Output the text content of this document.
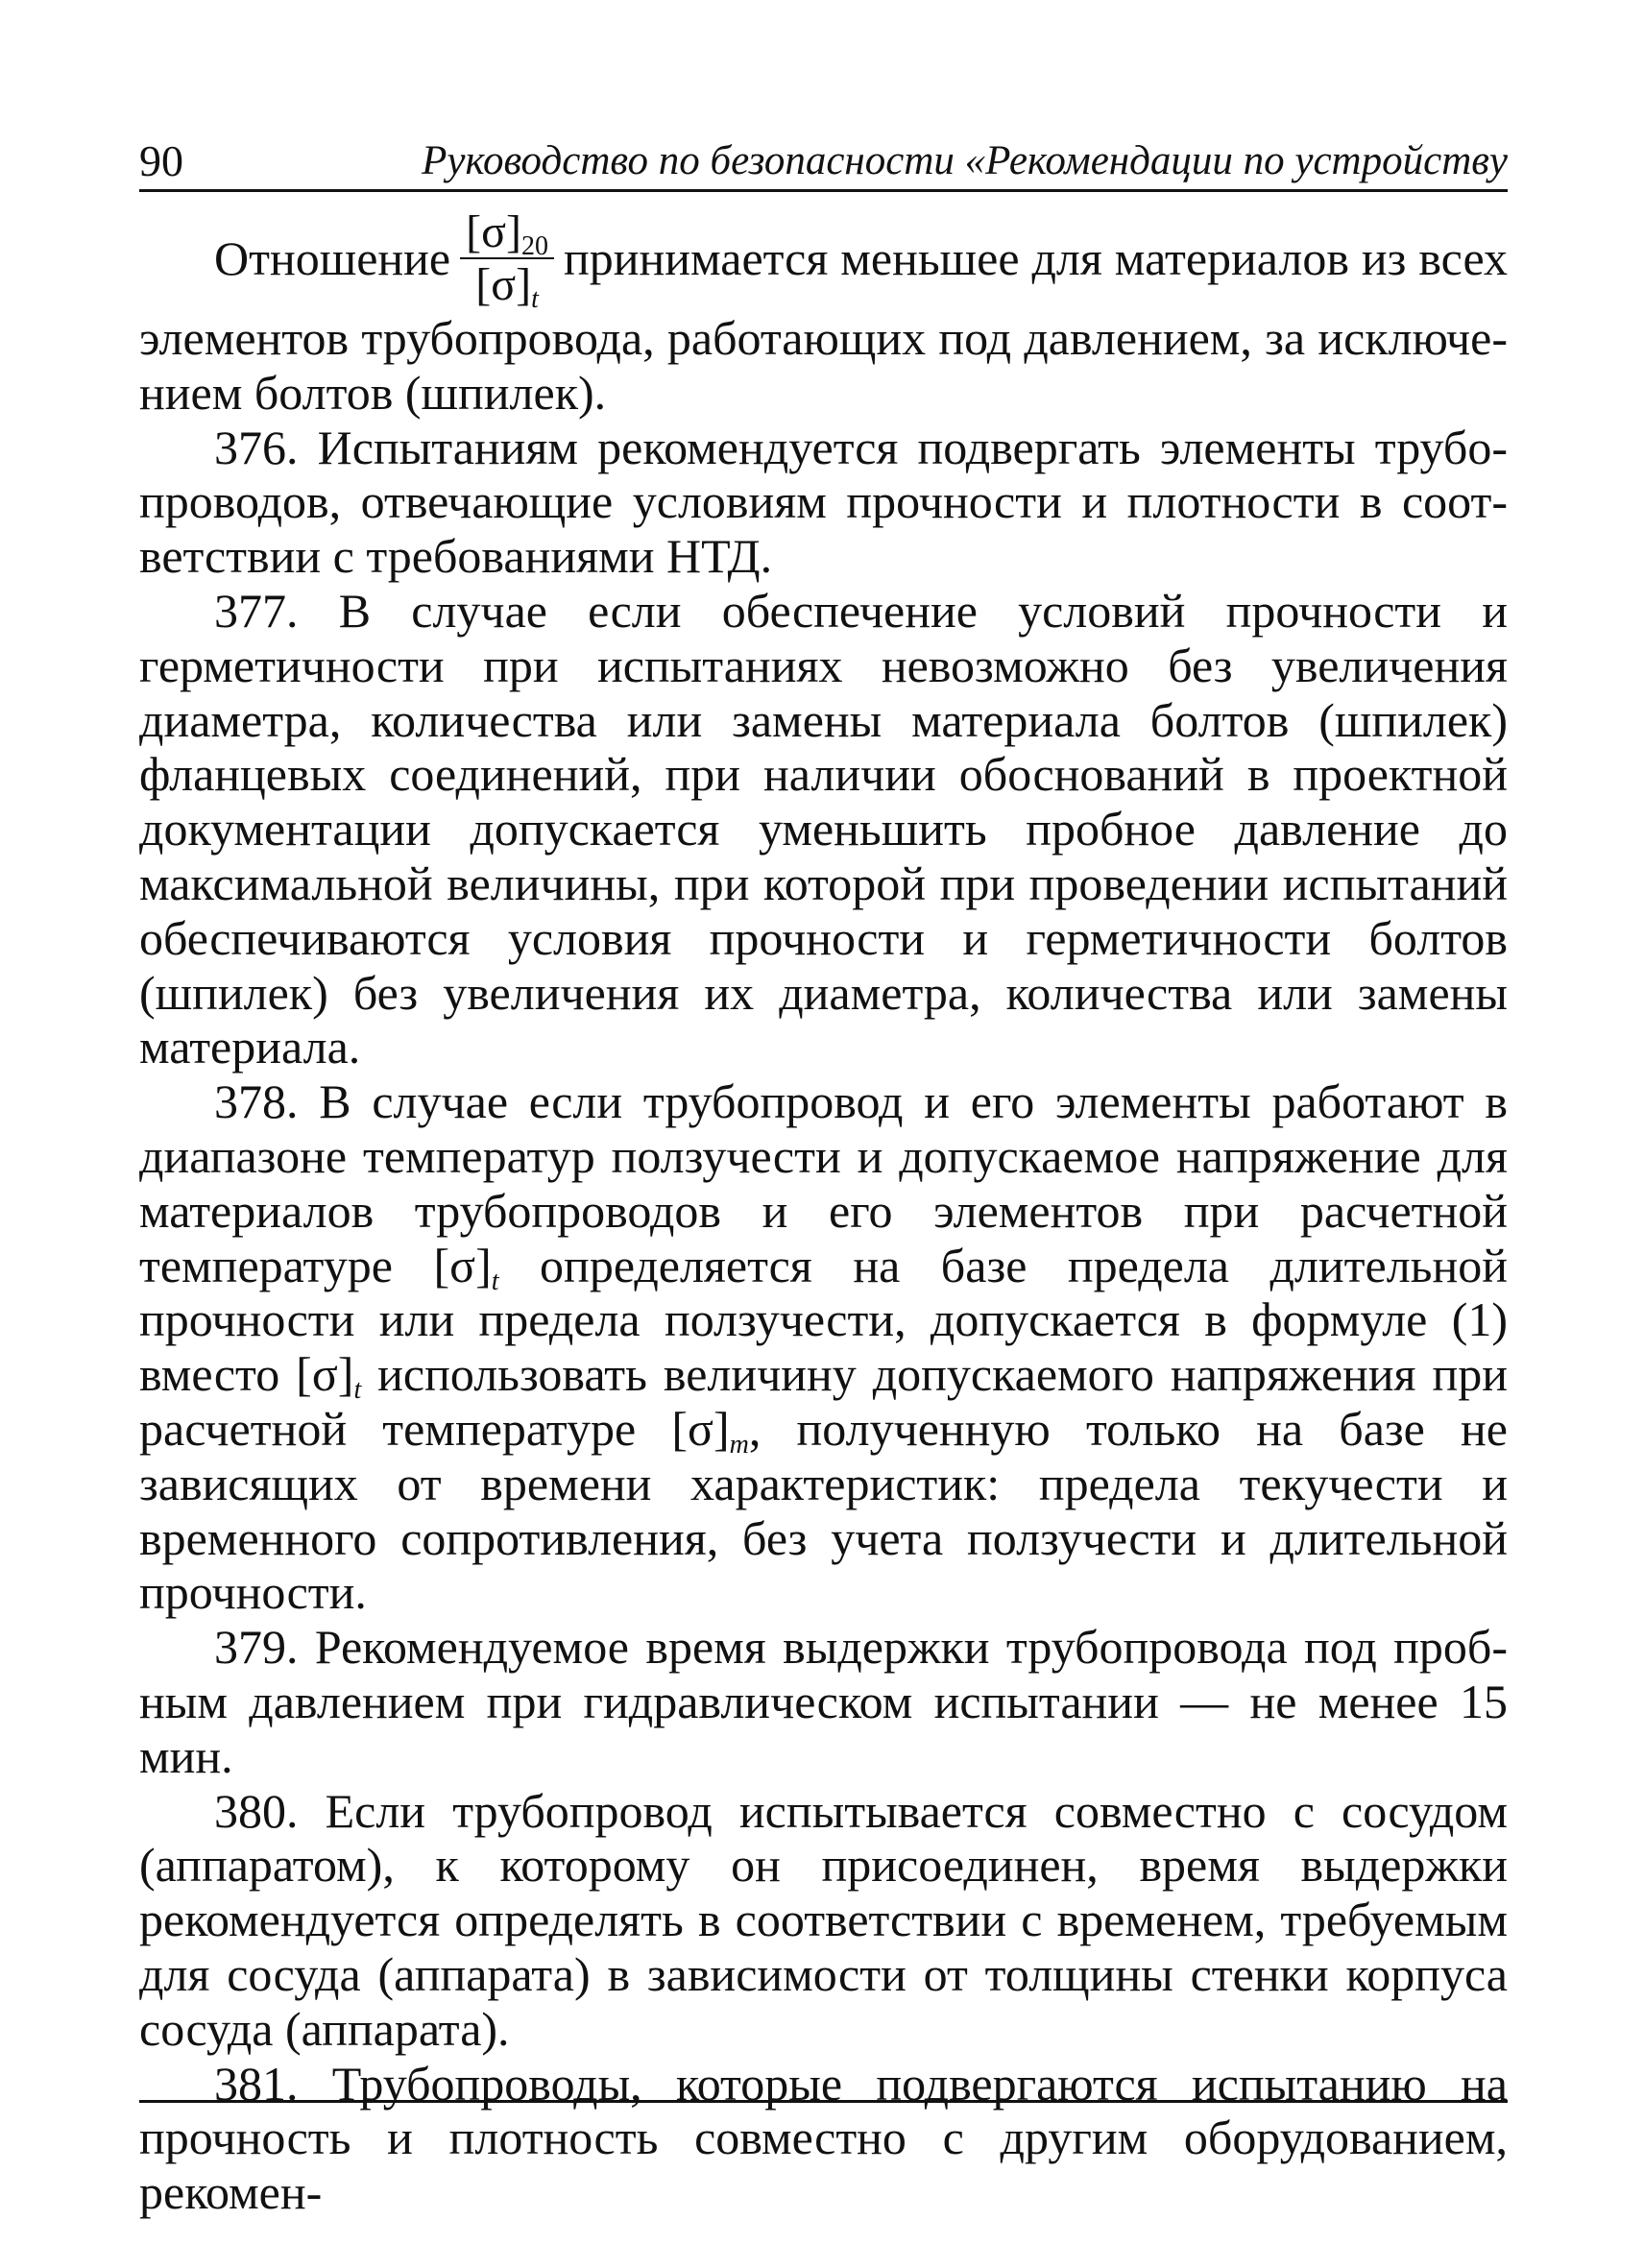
90	Руководство по безопасности «Рекомендации по устройству
Отношение $\frac{[\sigma]_{20}}{[\sigma]_t}$ принимается меньшее для материалов из всех

элементов трубопровода, работающих под давлением, за исключением болтов (шпилек).

376. Испытаниям рекомендуется подвергать элементы трубопроводов, отвечающие условиям прочности и плотности в соответствии с требованиями НТД.

377. В случае если обеспечение условий прочности и герметичности при испытаниях невозможно без увеличения диаметра, количества или замены материала болтов (шпилек) фланцевых соединений, при наличии обоснований в проектной документации допускается уменьшить пробное давление до максимальной величины, при которой при проведении испытаний обеспечиваются условия прочности и герметичности болтов (шпилек) без увеличения их диаметра, количества или замены материала.

378. В случае если трубопровод и его элементы работают в диапазоне температур ползучести и допускаемое напряжение для материалов трубопроводов и его элементов при расчетной температуре $[\sigma]_t$ определяется на базе предела длительной прочности или предела ползучести, допускается в формуле (1) вместо $[\sigma]_t$ использовать величину допускаемого напряжения при расчетной температуре $[\sigma]_m$, полученную только на базе не зависящих от времени характеристик: предела текучести и временного сопротивления, без учета ползучести и длительной прочности.

379. Рекомендуемое время выдержки трубопровода под пробным давлением при гидравлическом испытании — не менее 15 мин.

380. Если трубопровод испытывается совместно с сосудом (аппаратом), к которому он присоединен, время выдержки рекомендуется определять в соответствии с временем, требуемым для сосуда (аппарата) в зависимости от толщины стенки корпуса сосуда (аппарата).

381. Трубопроводы, которые подвергаются испытанию на прочность и плотность совместно с другим оборудованием, рекомен-
